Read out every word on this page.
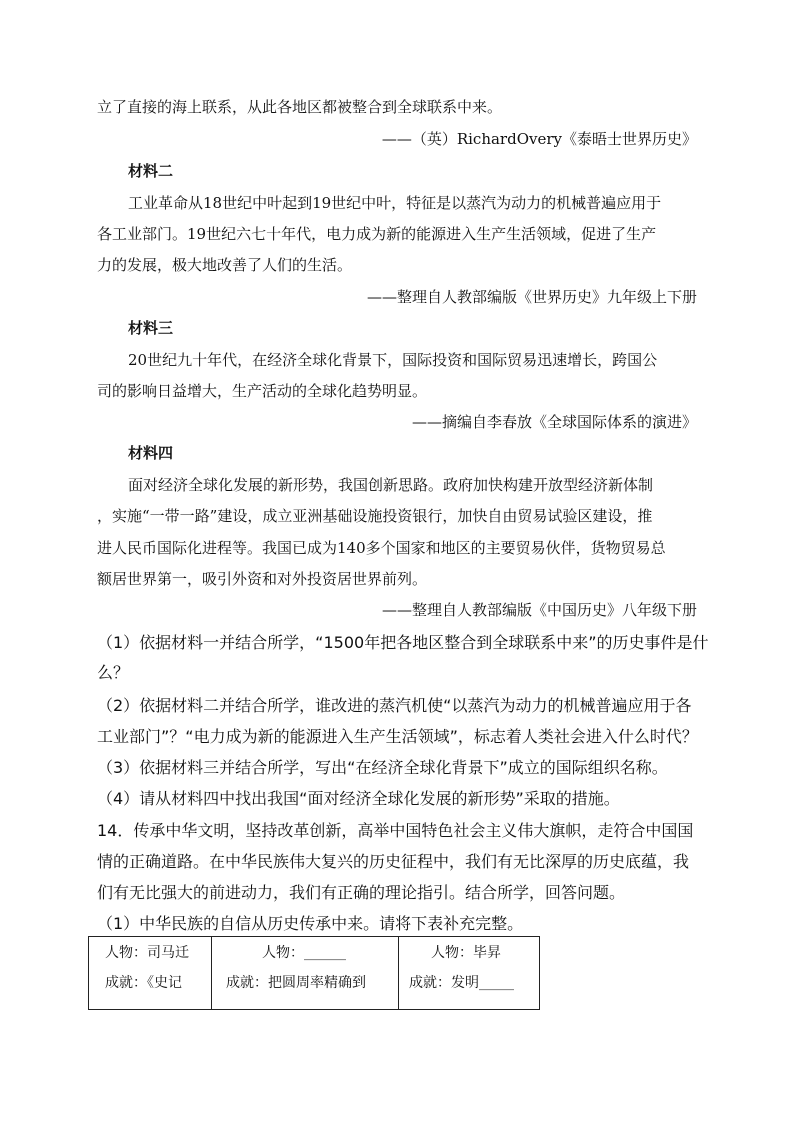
立了直接的海上联系，从此各地区都被整合到全球联系中来。
——（英）RichardOvery《泰晤士世界历史》
材料二
工业革命从18世纪中叶起到19世纪中叶，特征是以蒸汽为动力的机械普遍应用于
各工业部门。19世纪六七十年代，电力成为新的能源进入生产生活领域，促进了生产
力的发展，极大地改善了人们的生活。
——整理自人教部编版《世界历史》九年级上下册
材料三
20世纪九十年代，在经济全球化背景下，国际投资和国际贸易迅速增长，跨国公
司的影响日益增大，生产活动的全球化趋势明显。
——摘编自李春放《全球国际体系的演进》
材料四
面对经济全球化发展的新形势，我国创新思路。政府加快构建开放型经济新体制
，实施“一带一路”建设，成立亚洲基础设施投资银行，加快自由贸易试验区建设，推
进人民币国际化进程等。我国已成为140多个国家和地区的主要贸易伙伴，货物贸易总
额居世界第一，吸引外资和对外投资居世界前列。
——整理自人教部编版《中国历史》八年级下册
（1）依据材料一并结合所学，“1500年把各地区整合到全球联系中来”的历史事件是什
么？
（2）依据材料二并结合所学，谁改进的蒸汽机使“以蒸汽为动力的机械普遍应用于各
工业部门”？“电力成为新的能源进入生产生活领域”，标志着人类社会进入什么时代？
（3）依据材料三并结合所学，写出“在经济全球化背景下”成立的国际组织名称。
（4）请从材料四中找出我国“面对经济全球化发展的新形势”采取的措施。
14．传承中华文明，坚持改革创新，高举中国特色社会主义伟大旗帜，走符合中国国
情的正确道路。在中华民族伟大复兴的历史征程中，我们有无比深厚的历史底蕴，我
们有无比强大的前进动力，我们有正确的理论指引。结合所学，回答问题。
（1）中华民族的自信从历史传承中来。请将下表补充完整。
人物：司马迁
成就：《史记

人物：______
成就：把圆周率精确到

人物：毕昇
成就：发明_____
